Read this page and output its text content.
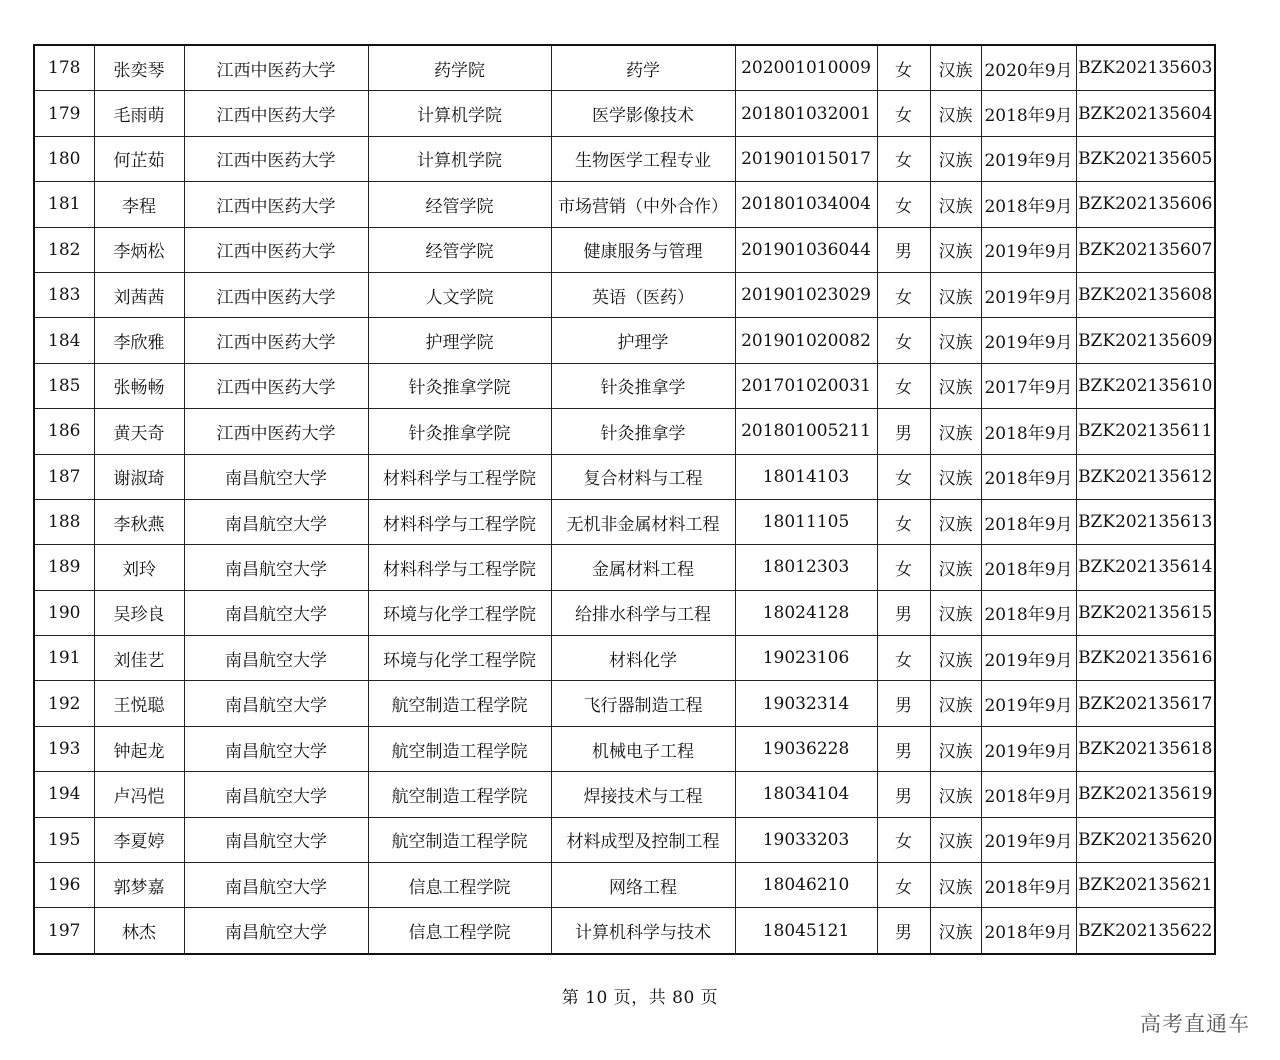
178	张奕琴	江西中医药大学	药学院	药学	202001010009	女	汉族	2020年9月	BZK202135603
179	毛雨萌	江西中医药大学	计算机学院	医学影像技术	201801032001	女	汉族	2018年9月	BZK202135604
180	何芷茹	江西中医药大学	计算机学院	生物医学工程专业	201901015017	女	汉族	2019年9月	BZK202135605
181	李程	江西中医药大学	经管学院	市场营销（中外合作）	201801034004	女	汉族	2018年9月	BZK202135606
182	李炳松	江西中医药大学	经管学院	健康服务与管理	201901036044	男	汉族	2019年9月	BZK202135607
183	刘茜茜	江西中医药大学	人文学院	英语（医药）	201901023029	女	汉族	2019年9月	BZK202135608
184	李欣雅	江西中医药大学	护理学院	护理学	201901020082	女	汉族	2019年9月	BZK202135609
185	张畅畅	江西中医药大学	针灸推拿学院	针灸推拿学	201701020031	女	汉族	2017年9月	BZK202135610
186	黄天奇	江西中医药大学	针灸推拿学院	针灸推拿学	201801005211	男	汉族	2018年9月	BZK202135611
187	谢淑琦	南昌航空大学	材料科学与工程学院	复合材料与工程	18014103	女	汉族	2018年9月	BZK202135612
188	李秋燕	南昌航空大学	材料科学与工程学院	无机非金属材料工程	18011105	女	汉族	2018年9月	BZK202135613
189	刘玲	南昌航空大学	材料科学与工程学院	金属材料工程	18012303	女	汉族	2018年9月	BZK202135614
190	吴珍良	南昌航空大学	环境与化学工程学院	给排水科学与工程	18024128	男	汉族	2018年9月	BZK202135615
191	刘佳艺	南昌航空大学	环境与化学工程学院	材料化学	19023106	女	汉族	2019年9月	BZK202135616
192	王悦聪	南昌航空大学	航空制造工程学院	飞行器制造工程	19032314	男	汉族	2019年9月	BZK202135617
193	钟起龙	南昌航空大学	航空制造工程学院	机械电子工程	19036228	男	汉族	2019年9月	BZK202135618
194	卢冯恺	南昌航空大学	航空制造工程学院	焊接技术与工程	18034104	男	汉族	2018年9月	BZK202135619
195	李夏婷	南昌航空大学	航空制造工程学院	材料成型及控制工程	19033203	女	汉族	2019年9月	BZK202135620
196	郭梦嘉	南昌航空大学	信息工程学院	网络工程	18046210	女	汉族	2018年9月	BZK202135621
197	林杰	南昌航空大学	信息工程学院	计算机科学与技术	18045121	男	汉族	2018年9月	BZK202135622
第 10 页，共 80 页
高考直通车
